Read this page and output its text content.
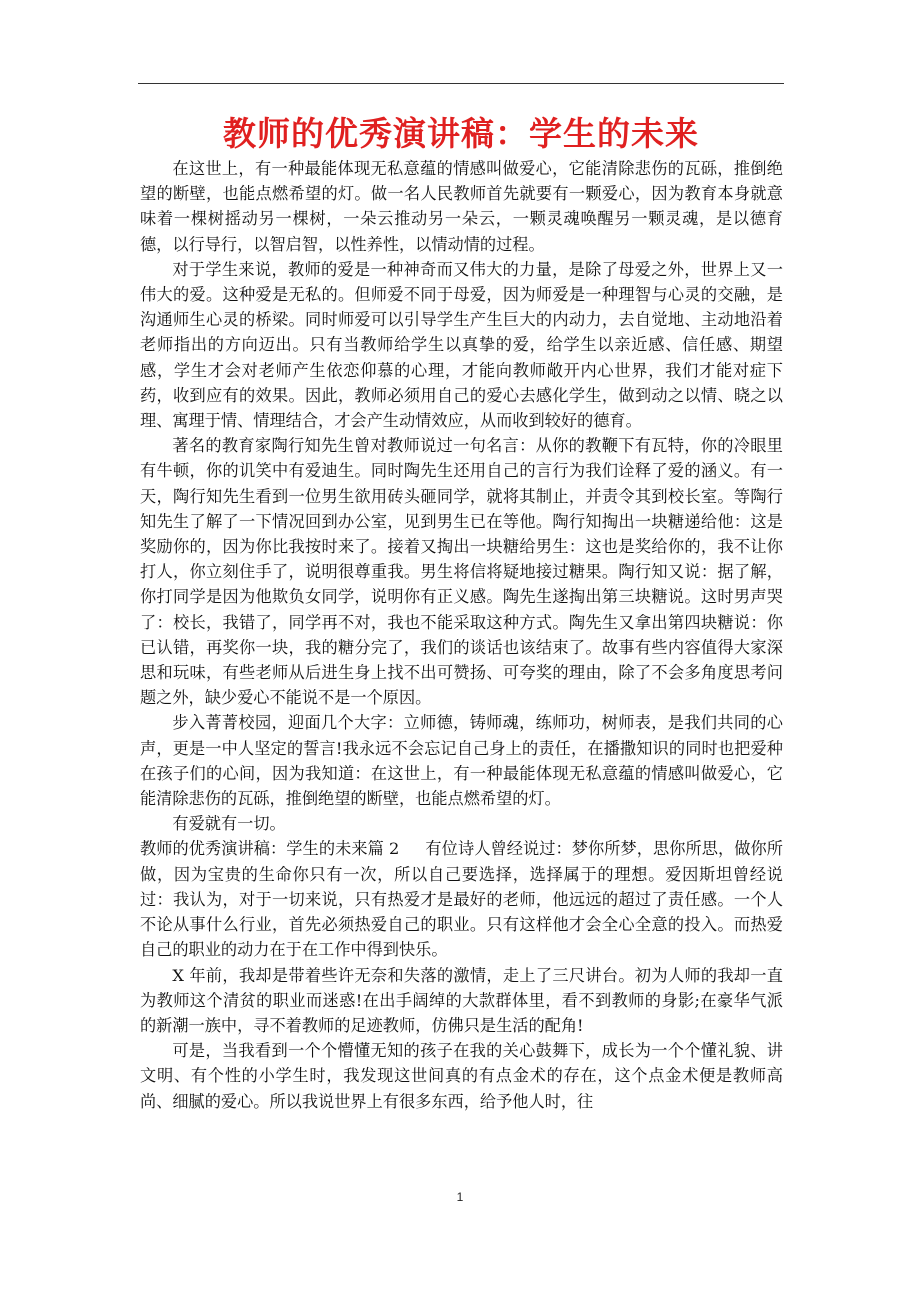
教师的优秀演讲稿：学生的未来

在这世上，有一种最能体现无私意蕴的情感叫做爱心，它能清除悲伤的瓦砾，推倒绝望的断壁，也能点燃希望的灯。做一名人民教师首先就要有一颗爱心，因为教育本身就意味着一棵树摇动另一棵树，一朵云推动另一朵云，一颗灵魂唤醒另一颗灵魂，是以德育德，以行导行，以智启智，以性养性，以情动情的过程。

对于学生来说，教师的爱是一种神奇而又伟大的力量，是除了母爱之外，世界上又一伟大的爱。这种爱是无私的。但师爱不同于母爱，因为师爱是一种理智与心灵的交融，是沟通师生心灵的桥梁。同时师爱可以引导学生产生巨大的内动力，去自觉地、主动地沿着老师指出的方向迈出。只有当教师给学生以真挚的爱，给学生以亲近感、信任感、期望感，学生才会对老师产生依恋仰慕的心理，才能向教师敞开内心世界，我们才能对症下药，收到应有的效果。因此，教师必须用自己的爱心去感化学生，做到动之以情、晓之以理、寓理于情、情理结合，才会产生动情效应，从而收到较好的德育。

著名的教育家陶行知先生曾对教师说过一句名言：从你的教鞭下有瓦特，你的冷眼里有牛顿，你的讥笑中有爱迪生。同时陶先生还用自己的言行为我们诠释了爱的涵义。有一天，陶行知先生看到一位男生欲用砖头砸同学，就将其制止，并责令其到校长室。等陶行知先生了解了一下情况回到办公室，见到男生已在等他。陶行知掏出一块糖递给他：这是奖励你的，因为你比我按时来了。接着又掏出一块糖给男生：这也是奖给你的，我不让你打人，你立刻住手了，说明很尊重我。男生将信将疑地接过糖果。陶行知又说：据了解，你打同学是因为他欺负女同学，说明你有正义感。陶先生遂掏出第三块糖说。这时男声哭了：校长，我错了，同学再不对，我也不能采取这种方式。陶先生又拿出第四块糖说：你已认错，再奖你一块，我的糖分完了，我们的谈话也该结束了。故事有些内容值得大家深思和玩味，有些老师从后进生身上找不出可赞扬、可夸奖的理由，除了不会多角度思考问题之外，缺少爱心不能说不是一个原因。

步入菁菁校园，迎面几个大字：立师德，铸师魂，练师功，树师表，是我们共同的心声，更是一中人坚定的誓言!我永远不会忘记自己身上的责任，在播撒知识的同时也把爱种在孩子们的心间，因为我知道：在这世上，有一种最能体现无私意蕴的情感叫做爱心，它能清除悲伤的瓦砾，推倒绝望的断壁，也能点燃希望的灯。

有爱就有一切。

教师的优秀演讲稿：学生的未来篇 2 有位诗人曾经说过：梦你所梦，思你所思，做你所做，因为宝贵的生命你只有一次，所以自己要选择，选择属于的理想。爱因斯坦曾经说过：我认为，对于一切来说，只有热爱才是最好的老师，他远远的超过了责任感。一个人不论从事什么行业，首先必须热爱自己的职业。只有这样他才会全心全意的投入。而热爱自己的职业的动力在于在工作中得到快乐。

X 年前，我却是带着些许无奈和失落的激情，走上了三尺讲台。初为人师的我却一直为教师这个清贫的职业而迷惑!在出手阔绰的大款群体里，看不到教师的身影;在豪华气派的新潮一族中，寻不着教师的足迹教师，仿佛只是生活的配角!

可是，当我看到一个个懵懂无知的孩子在我的关心鼓舞下，成长为一个个懂礼貌、讲文明、有个性的小学生时，我发现这世间真的有点金术的存在，这个点金术便是教师高尚、细腻的爱心。所以我说世界上有很多东西，给予他人时，往

1
